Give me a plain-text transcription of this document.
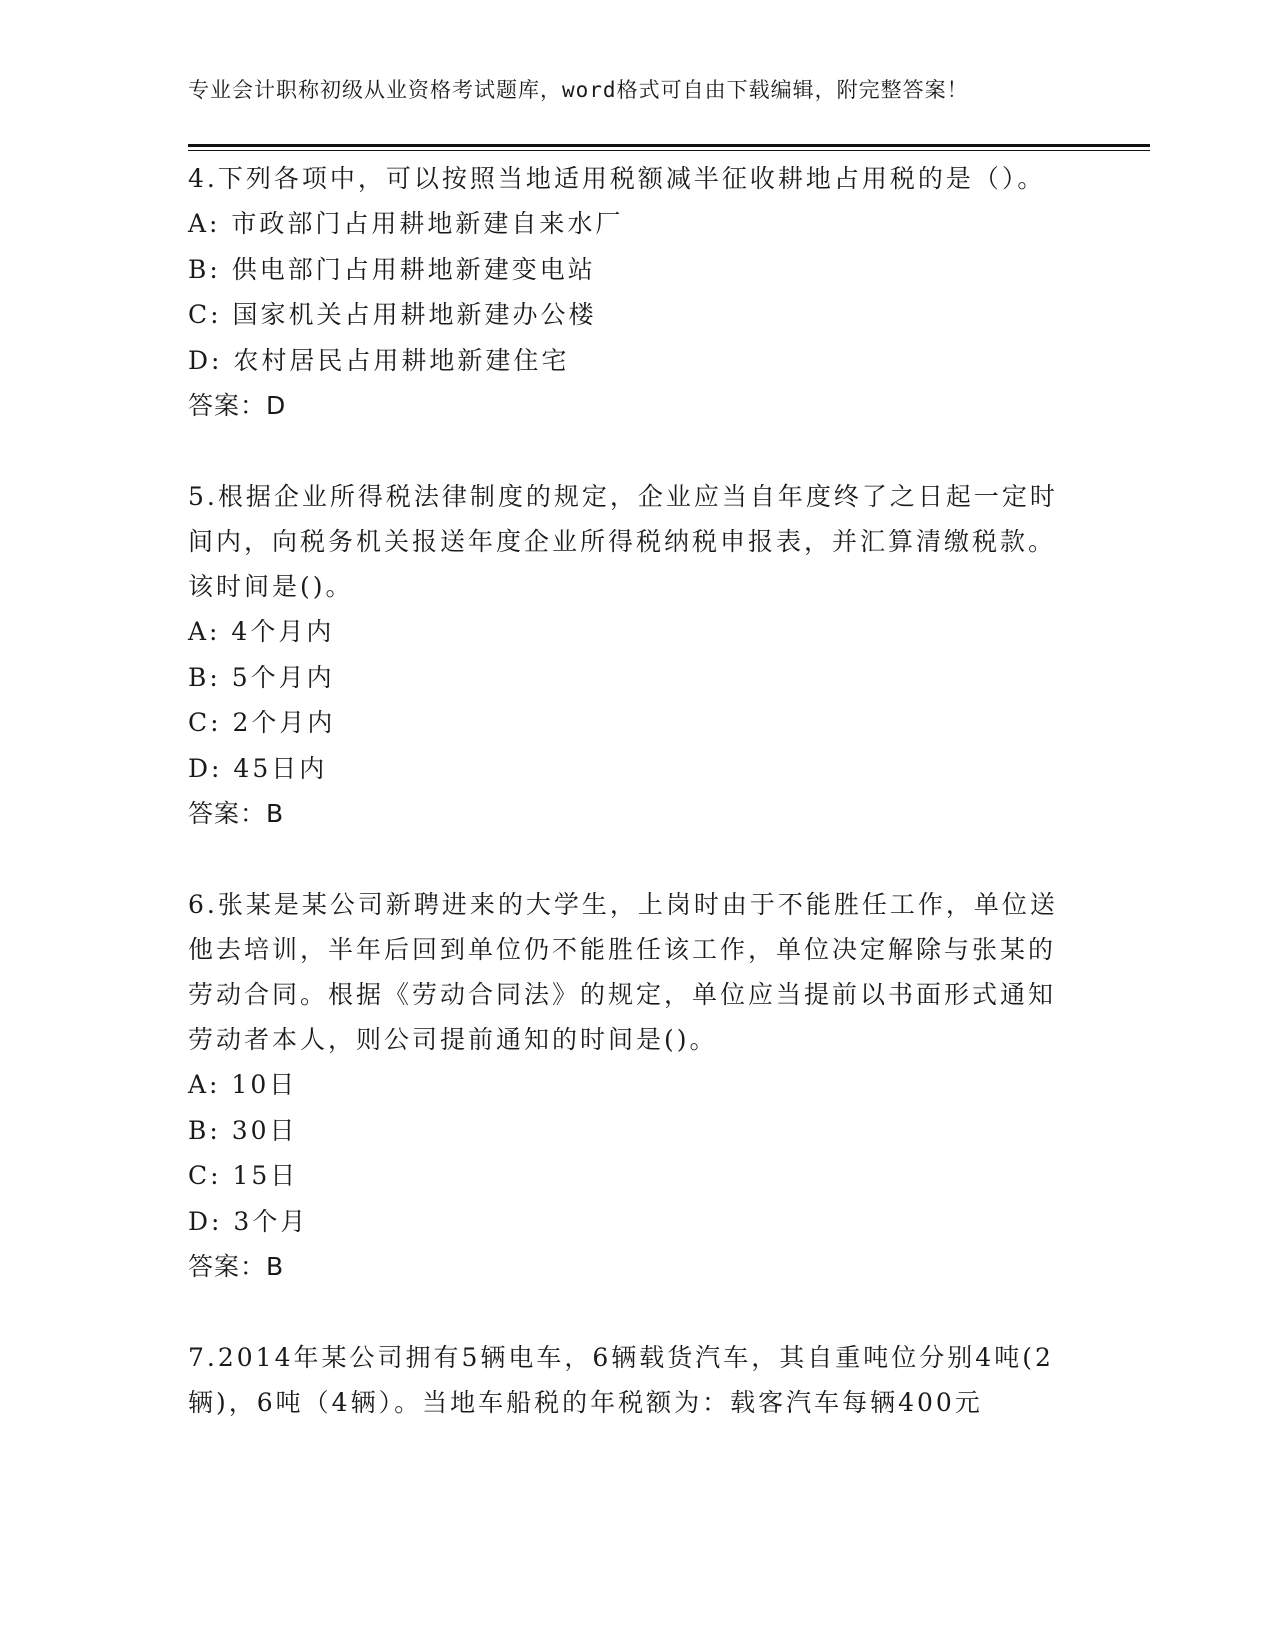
专业会计职称初级从业资格考试题库，word格式可自由下载编辑，附完整答案！
4.下列各项中，可以按照当地适用税额减半征收耕地占用税的是（）。
A: 市政部门占用耕地新建自来水厂
B: 供电部门占用耕地新建变电站
C: 国家机关占用耕地新建办公楼
D: 农村居民占用耕地新建住宅
答案：D
5.根据企业所得税法律制度的规定，企业应当自年度终了之日起一定时间内，向税务机关报送年度企业所得税纳税申报表，并汇算清缴税款。该时间是()。
A: 4个月内
B: 5个月内
C: 2个月内
D: 45日内
答案：B
6.张某是某公司新聘进来的大学生，上岗时由于不能胜任工作，单位送他去培训，半年后回到单位仍不能胜任该工作，单位决定解除与张某的劳动合同。根据《劳动合同法》的规定，单位应当提前以书面形式通知劳动者本人，则公司提前通知的时间是()。
A: 10日
B: 30日
C: 15日
D: 3个月
答案：B
7.2014年某公司拥有5辆电车，6辆载货汽车，其自重吨位分别4吨(2辆)，6吨（4辆）。当地车船税的年税额为：载客汽车每辆400元
